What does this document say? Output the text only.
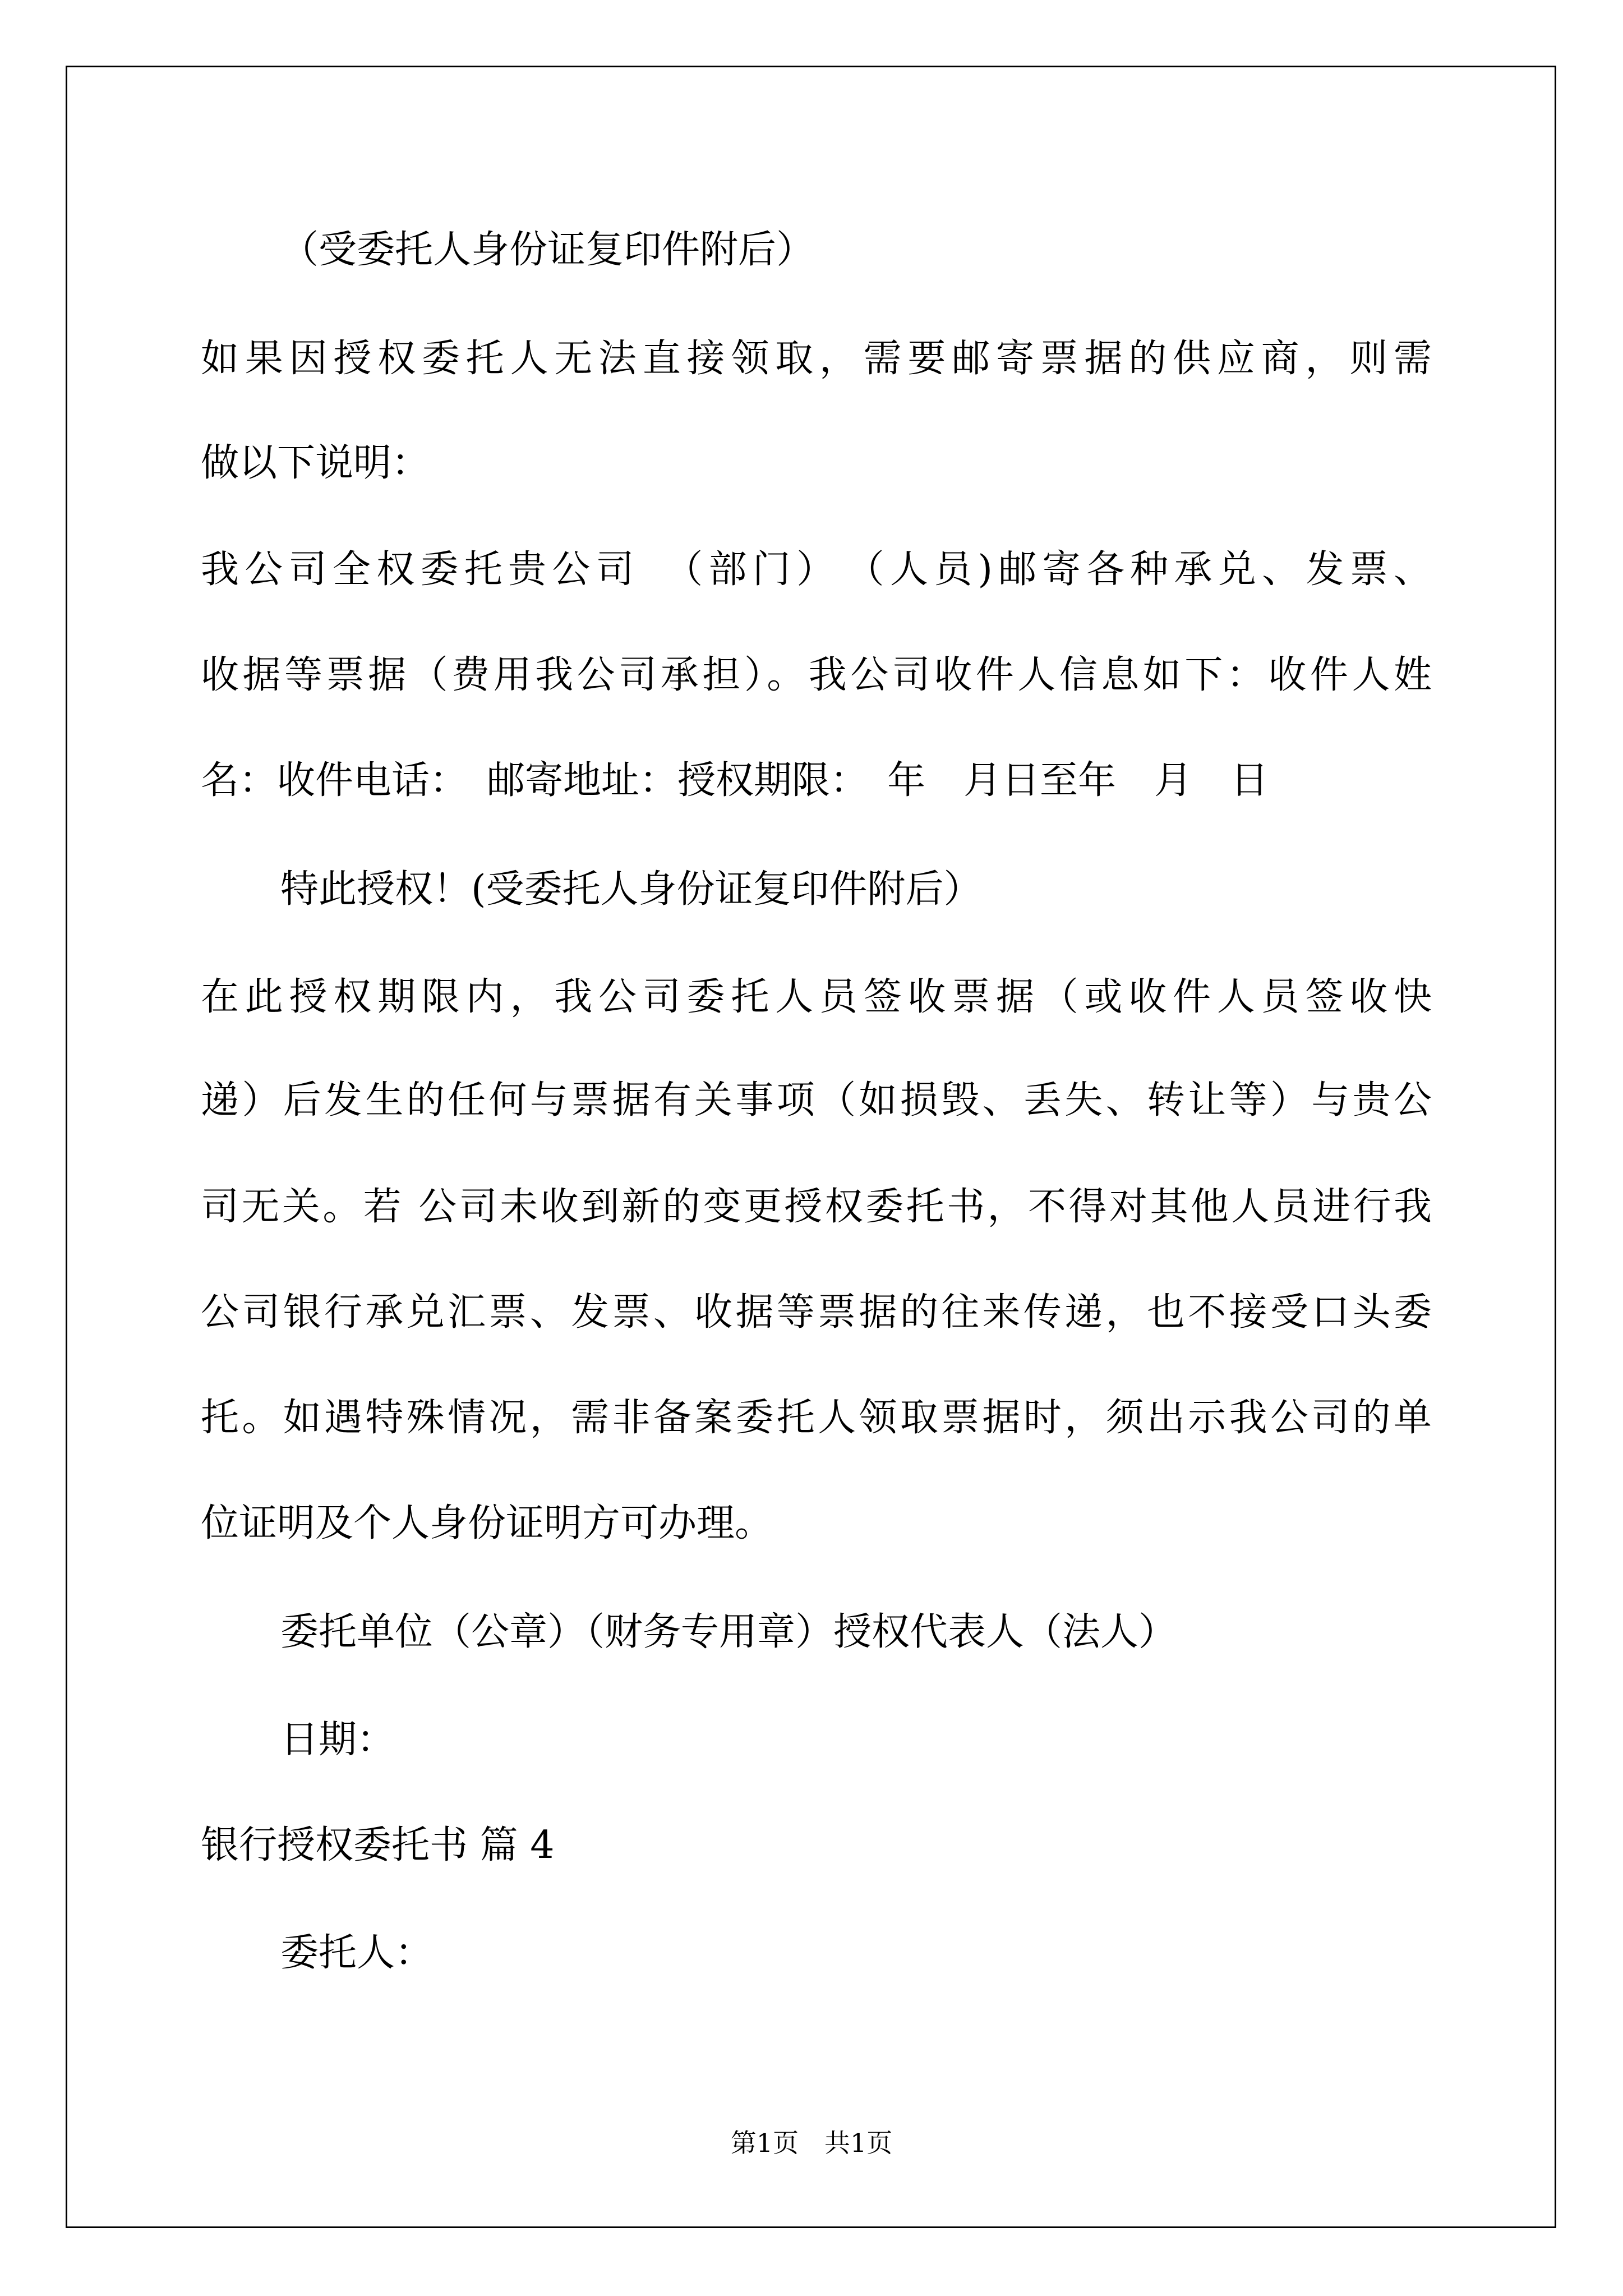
（受委托人身份证复印件附后）
如果因授权委托人无法直接领取，需要邮寄票据的供应商，则需
做以下说明：
我公司全权委托贵公司　（部门）　（人员)邮寄各种承兑、发票、
收据等票据（费用我公司承担）。我公司收件人信息如下：收件人姓
名：收件电话：　邮寄地址：授权期限：　年　月日至年　月　日
特此授权！(受委托人身份证复印件附后）
在此授权期限内，我公司委托人员签收票据（或收件人员签收快
递）后发生的任何与票据有关事项（如损毁、丢失、转让等）与贵公
司无关。若 公司未收到新的变更授权委托书，不得对其他人员进行我
公司银行承兑汇票、发票、收据等票据的往来传递，也不接受口头委
托。如遇特殊情况，需非备案委托人领取票据时，须出示我公司的单
位证明及个人身份证明方可办理。
委托单位（公章）（财务专用章）授权代表人（法人）
日期：
银行授权委托书 篇 4
委托人：
第1页　共1页
